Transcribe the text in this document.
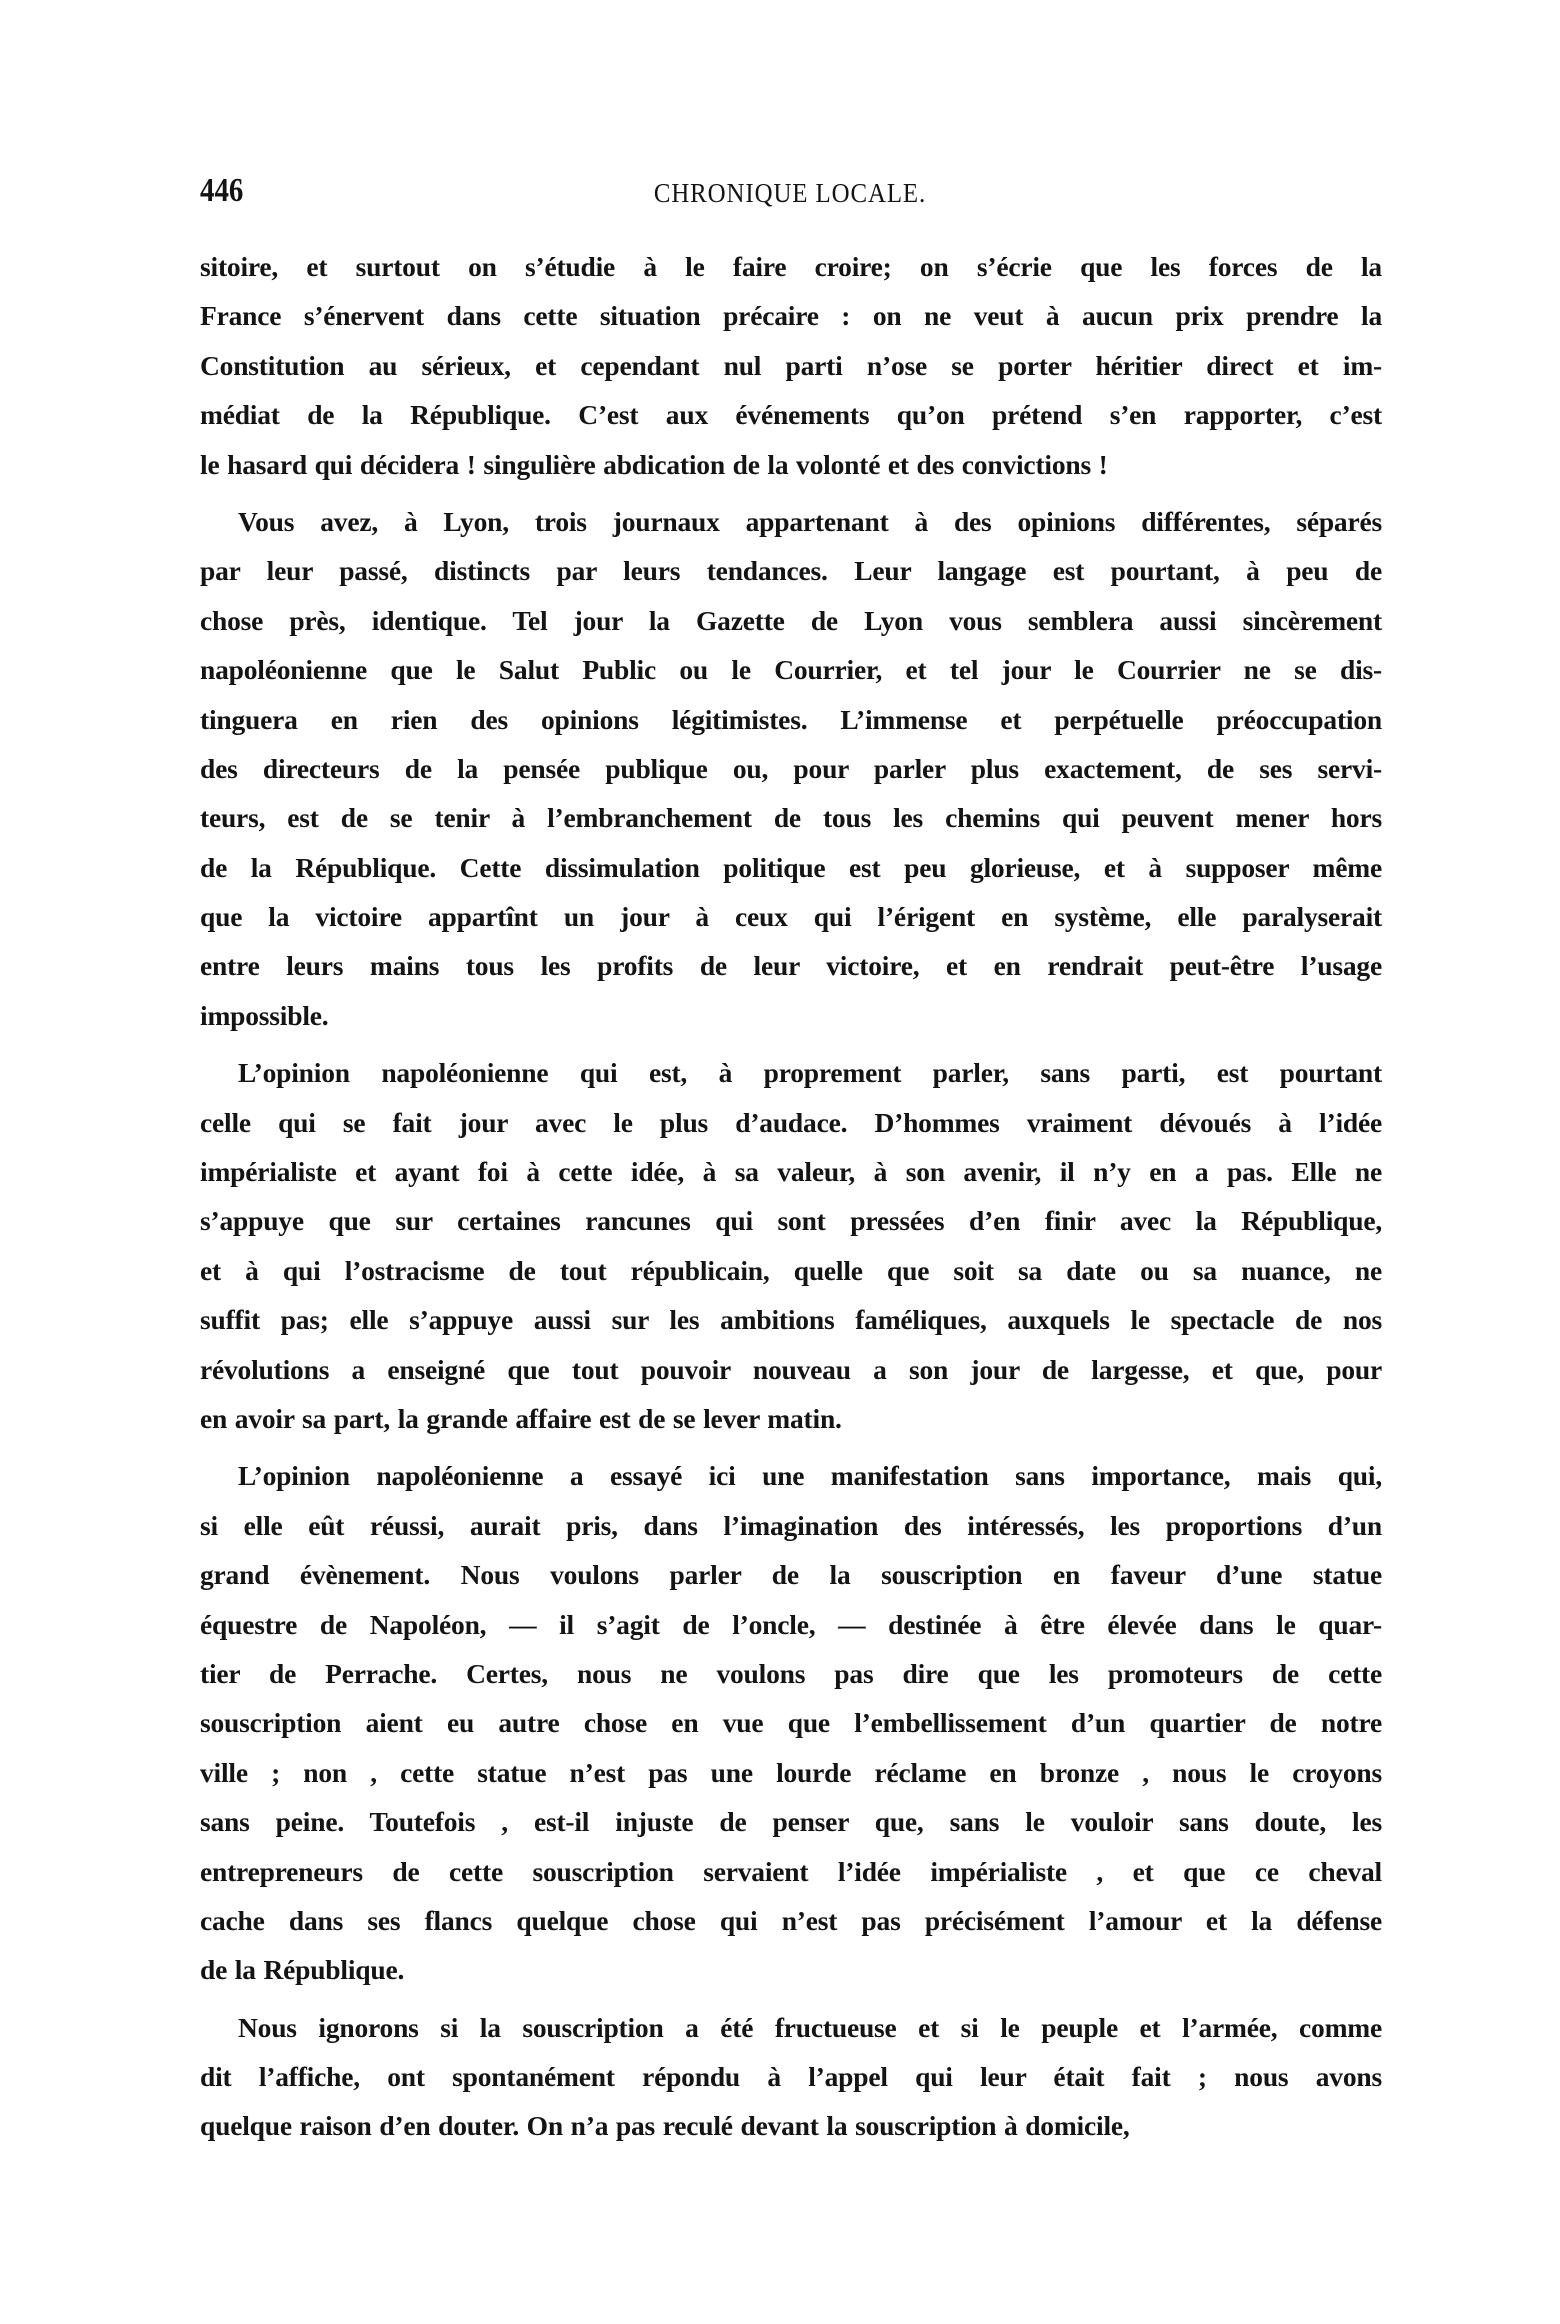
446	CHRONIQUE LOCALE.
sitoire, et surtout on s’étudie à le faire croire; on s’écrie que les forces de la
France s’énervent dans cette situation précaire : on ne veut à aucun prix prendre la
Constitution au sérieux, et cependant nul parti n’ose se porter héritier direct et im-
médiat de la République. C’est aux événements qu’on prétend s’en rapporter, c’est
le hasard qui décidera ! singulière abdication de la volonté et des convictions !
Vous avez, à Lyon, trois journaux appartenant à des opinions différentes, séparés
par leur passé, distincts par leurs tendances. Leur langage est pourtant, à peu de
chose près, identique. Tel jour la Gazette de Lyon vous semblera aussi sincèrement
napoléonienne que le Salut Public ou le Courrier, et tel jour le Courrier ne se dis-
tinguera en rien des opinions légitimistes. L’immense et perpétuelle préoccupation
des directeurs de la pensée publique ou, pour parler plus exactement, de ses servi-
teurs, est de se tenir à l’embranchement de tous les chemins qui peuvent mener hors
de la République. Cette dissimulation politique est peu glorieuse, et à supposer même
que la victoire appartînt un jour à ceux qui l’érigent en système, elle paralyserait
entre leurs mains tous les profits de leur victoire, et en rendrait peut-être l’usage
impossible.
L’opinion napoléonienne qui est, à proprement parler, sans parti, est pourtant
celle qui se fait jour avec le plus d’audace. D’hommes vraiment dévoués à l’idée
impérialiste et ayant foi à cette idée, à sa valeur, à son avenir, il n’y en a pas. Elle ne
s’appuye que sur certaines rancunes qui sont pressées d’en finir avec la République,
et à qui l’ostracisme de tout républicain, quelle que soit sa date ou sa nuance, ne
suffit pas; elle s’appuye aussi sur les ambitions faméliques, auxquels le spectacle de nos
révolutions a enseigné que tout pouvoir nouveau a son jour de largesse, et que, pour
en avoir sa part, la grande affaire est de se lever matin.
L’opinion napoléonienne a essayé ici une manifestation sans importance, mais qui,
si elle eût réussi, aurait pris, dans l’imagination des intéressés, les proportions d’un
grand évènement. Nous voulons parler de la souscription en faveur d’une statue
équestre de Napoléon, — il s’agit de l’oncle, — destinée à être élevée dans le quar-
tier de Perrache. Certes, nous ne voulons pas dire que les promoteurs de cette
souscription aient eu autre chose en vue que l’embellissement d’un quartier de notre
ville ; non , cette statue n’est pas une lourde réclame en bronze , nous le croyons
sans peine. Toutefois , est-il injuste de penser que, sans le vouloir sans doute, les
entrepreneurs de cette souscription servaient l’idée impérialiste , et que ce cheval
cache dans ses flancs quelque chose qui n’est pas précisément l’amour et la défense
de la République.
Nous ignorons si la souscription a été fructueuse et si le peuple et l’armée, comme
dit l’affiche, ont spontanément répondu à l’appel qui leur était fait ; nous avons
quelque raison d’en douter. On n’a pas reculé devant la souscription à domicile,
